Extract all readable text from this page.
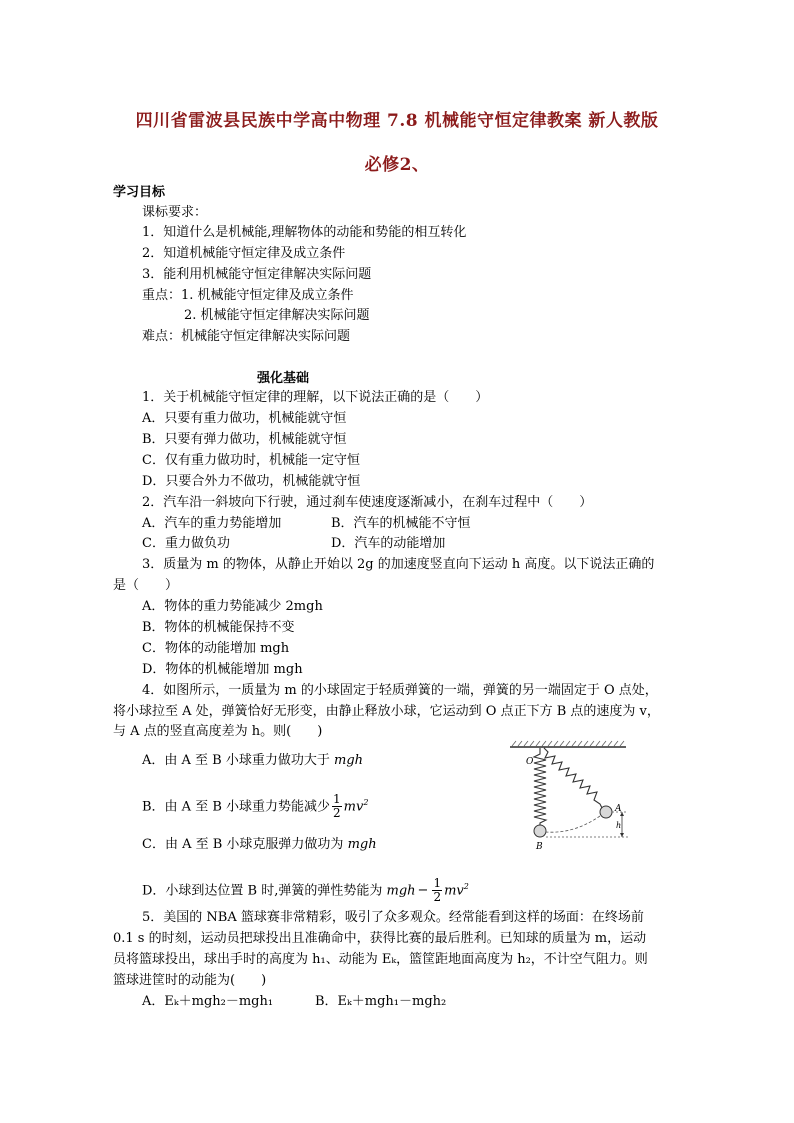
四川省雷波县民族中学高中物理 7.8 机械能守恒定律教案 新人教版
必修2、
学习目标
课标要求：
1．知道什么是机械能,理解物体的动能和势能的相互转化
2．知道机械能守恒定律及成立条件
3．能利用机械能守恒定律解决实际问题
重点：1. 机械能守恒定律及成立条件
2. 机械能守恒定律解决实际问题
难点：机械能守恒定律解决实际问题
强化基础
1．关于机械能守恒定律的理解，以下说法正确的是（　　）
A．只要有重力做功，机械能就守恒
B．只要有弹力做功，机械能就守恒
C．仅有重力做功时，机械能一定守恒
D．只要合外力不做功，机械能就守恒
2．汽车沿一斜坡向下行驶，通过刹车使速度逐渐减小，在刹车过程中（　　）
A．汽车的重力势能增加	B．汽车的机械能不守恒
C．重力做负功	D．汽车的动能增加
3．质量为 m 的物体，从静止开始以 2g 的加速度竖直向下运动 h 高度。以下说法正确的
是（　　）
A．物体的重力势能减少 2mgh
B．物体的机械能保持不变
C．物体的动能增加 mgh
D．物体的机械能增加 mgh
4．如图所示，一质量为 m 的小球固定于轻质弹簧的一端，弹簧的另一端固定于 O 点处，
将小球拉至 A 处，弹簧恰好无形变，由静止释放小球，它运动到 O 点正下方 B 点的速度为 v，
与 A 点的竖直高度差为 h。则(　　)
A．由 A 至 B 小球重力做功大于 mgh
B．由 A 至 B 小球重力势能减少 $\frac{1}{2} mv^2$
C．由 A 至 B 小球克服弹力做功为 mgh
D．小球到达位置 B 时,弹簧的弹性势能为 mgh − $\frac{1}{2} mv^2$
O
B
A
h
5．美国的 NBA 篮球赛非常精彩，吸引了众多观众。经常能看到这样的场面：在终场前
0.1 s 的时刻，运动员把球投出且准确命中，获得比赛的最后胜利。已知球的质量为 m，运动
员将篮球投出，球出手时的高度为 h₁、动能为 Eₖ，篮筐距地面高度为 h₂，不计空气阻力。则
篮球进筐时的动能为(　　)
A．Eₖ＋mgh₂－mgh₁	B．Eₖ＋mgh₁－mgh₂
